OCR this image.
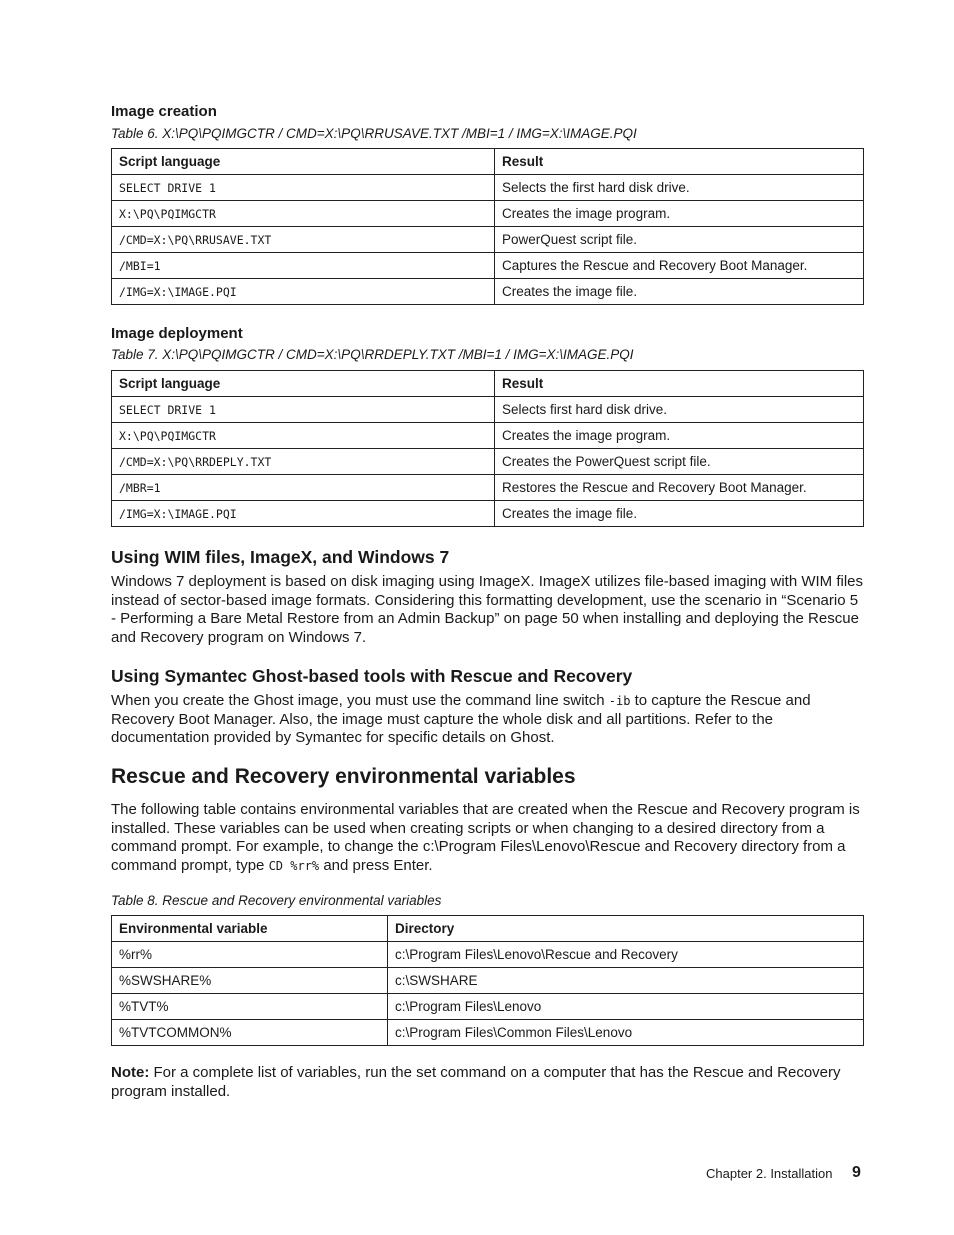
Image creation
Table 6. X:\PQ\PQIMGCTR / CMD=X:\PQ\RRUSAVE.TXT /MBI=1 / IMG=X:\IMAGE.PQI
Script language	Result
SELECT DRIVE 1	Selects the first hard disk drive.
X:\PQ\PQIMGCTR	Creates the image program.
/CMD=X:\PQ\RRUSAVE.TXT	PowerQuest script file.
/MBI=1	Captures the Rescue and Recovery Boot Manager.
/IMG=X:\IMAGE.PQI	Creates the image file.
Image deployment
Table 7. X:\PQ\PQIMGCTR / CMD=X:\PQ\RRDEPLY.TXT /MBI=1 / IMG=X:\IMAGE.PQI
Script language	Result
SELECT DRIVE 1	Selects first hard disk drive.
X:\PQ\PQIMGCTR	Creates the image program.
/CMD=X:\PQ\RRDEPLY.TXT	Creates the PowerQuest script file.
/MBR=1	Restores the Rescue and Recovery Boot Manager.
/IMG=X:\IMAGE.PQI	Creates the image file.
Using WIM files, ImageX, and Windows 7
Windows 7 deployment is based on disk imaging using ImageX. ImageX utilizes file-based imaging with WIM files instead of sector-based image formats. Considering this formatting development, use the scenario in “Scenario 5 - Performing a Bare Metal Restore from an Admin Backup” on page 50 when installing and deploying the Rescue and Recovery program on Windows 7.
Using Symantec Ghost-based tools with Rescue and Recovery
When you create the Ghost image, you must use the command line switch -ib to capture the Rescue and Recovery Boot Manager. Also, the image must capture the whole disk and all partitions. Refer to the documentation provided by Symantec for specific details on Ghost.
Rescue and Recovery environmental variables
The following table contains environmental variables that are created when the Rescue and Recovery program is installed. These variables can be used when creating scripts or when changing to a desired directory from a command prompt. For example, to change the c:\Program Files\Lenovo\Rescue and Recovery directory from a command prompt, type CD %rr% and press Enter.
Table 8. Rescue and Recovery environmental variables
Environmental variable	Directory
%rr%	c:\Program Files\Lenovo\Rescue and Recovery
%SWSHARE%	c:\SWSHARE
%TVT%	c:\Program Files\Lenovo
%TVTCOMMON%	c:\Program Files\Common Files\Lenovo
Note: For a complete list of variables, run the set command on a computer that has the Rescue and Recovery program installed.
Chapter 2. Installation 9
